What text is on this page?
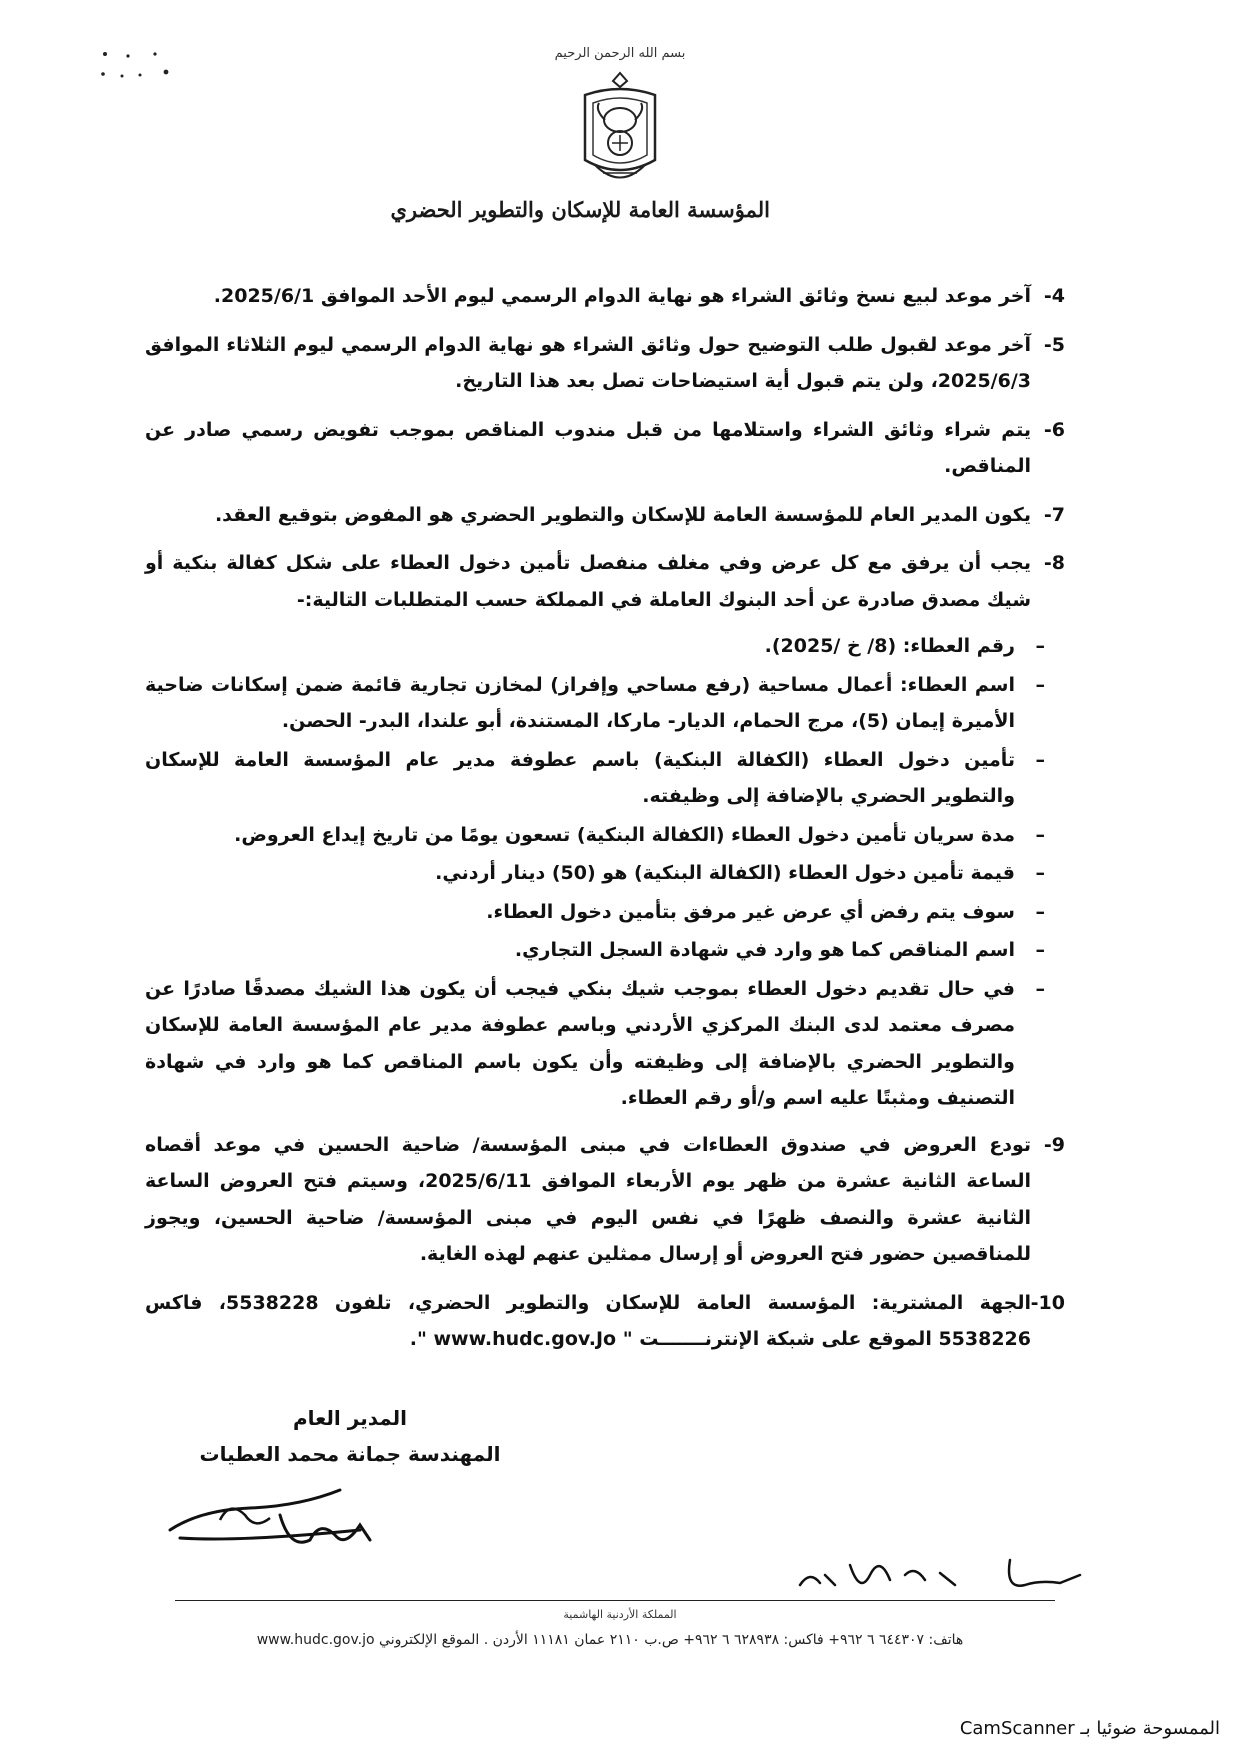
بسم الله الرحمن الرحيم
المؤسسة العامة للإسكان والتطوير الحضري
4-
آخر موعد لبيع نسخ وثائق الشراء هو نهاية الدوام الرسمي ليوم الأحد الموافق 2025/6/1.
5-
آخر موعد لقبول طلب التوضيح حول وثائق الشراء هو نهاية الدوام الرسمي ليوم الثلاثاء الموافق 2025/6/3، ولن يتم قبول أية استيضاحات تصل بعد هذا التاريخ.
6-
يتم شراء وثائق الشراء واستلامها من قبل مندوب المناقص بموجب تفويض رسمي صادر عن المناقص.
7-
يكون المدير العام للمؤسسة العامة للإسكان والتطوير الحضري هو المفوض بتوقيع العقد.
8-
يجب أن يرفق مع كل عرض وفي مغلف منفصل تأمين دخول العطاء على شكل كفالة بنكية أو شيك مصدق صادرة عن أحد البنوك العاملة في المملكة حسب المتطلبات التالية:-
–
رقم العطاء: (8/ خ /2025).
–
اسم العطاء: أعمال مساحية (رفع مساحي وإفراز) لمخازن تجارية قائمة ضمن إسكانات ضاحية الأميرة إيمان (5)، مرج الحمام، الديار- ماركا، المستندة، أبو علندا، البدر- الحصن.
–
تأمين دخول العطاء (الكفالة البنكية) باسم عطوفة مدير عام المؤسسة العامة للإسكان والتطوير الحضري بالإضافة إلى وظيفته.
–
مدة سريان تأمين دخول العطاء (الكفالة البنكية) تسعون يومًا من تاريخ إيداع العروض.
–
قيمة تأمين دخول العطاء (الكفالة البنكية) هو (50) دينار أردني.
–
سوف يتم رفض أي عرض غير مرفق بتأمين دخول العطاء.
–
اسم المناقص كما هو وارد في شهادة السجل التجاري.
–
في حال تقديم دخول العطاء بموجب شيك بنكي فيجب أن يكون هذا الشيك مصدقًا صادرًا عن مصرف معتمد لدى البنك المركزي الأردني وباسم عطوفة مدير عام المؤسسة العامة للإسكان والتطوير الحضري بالإضافة إلى وظيفته وأن يكون باسم المناقص كما هو وارد في شهادة التصنيف ومثبتًا عليه اسم و/أو رقم العطاء.
9-
تودع العروض في صندوق العطاءات في مبنى المؤسسة/ ضاحية الحسين في موعد أقصاه الساعة الثانية عشرة من ظهر يوم الأربعاء الموافق 2025/6/11، وسيتم فتح العروض الساعة الثانية عشرة والنصف ظهرًا في نفس اليوم في مبنى المؤسسة/ ضاحية الحسين، ويجوز للمناقصين حضور فتح العروض أو إرسال ممثلين عنهم لهذه الغاية.
10-
الجهة المشترية: المؤسسة العامة للإسكان والتطوير الحضري، تلفون 5538228، فاكس 5538226 الموقع على شبكة الإنترنـــــــت " www.hudc.gov.Jo ".
المدير العام
المهندسة جمانة محمد العطيات
المملكة الأردنية الهاشمية
هاتف: ٦٤٤٣٠٧ ٦ ٩٦٢+ فاكس: ٦٢٨٩٣٨ ٦ ٩٦٢+ ص.ب ٢١١٠ عمان ١١١٨١ الأردن . الموقع الإلكتروني www.hudc.gov.jo
الممسوحة ضوئيا بـ CamScanner
